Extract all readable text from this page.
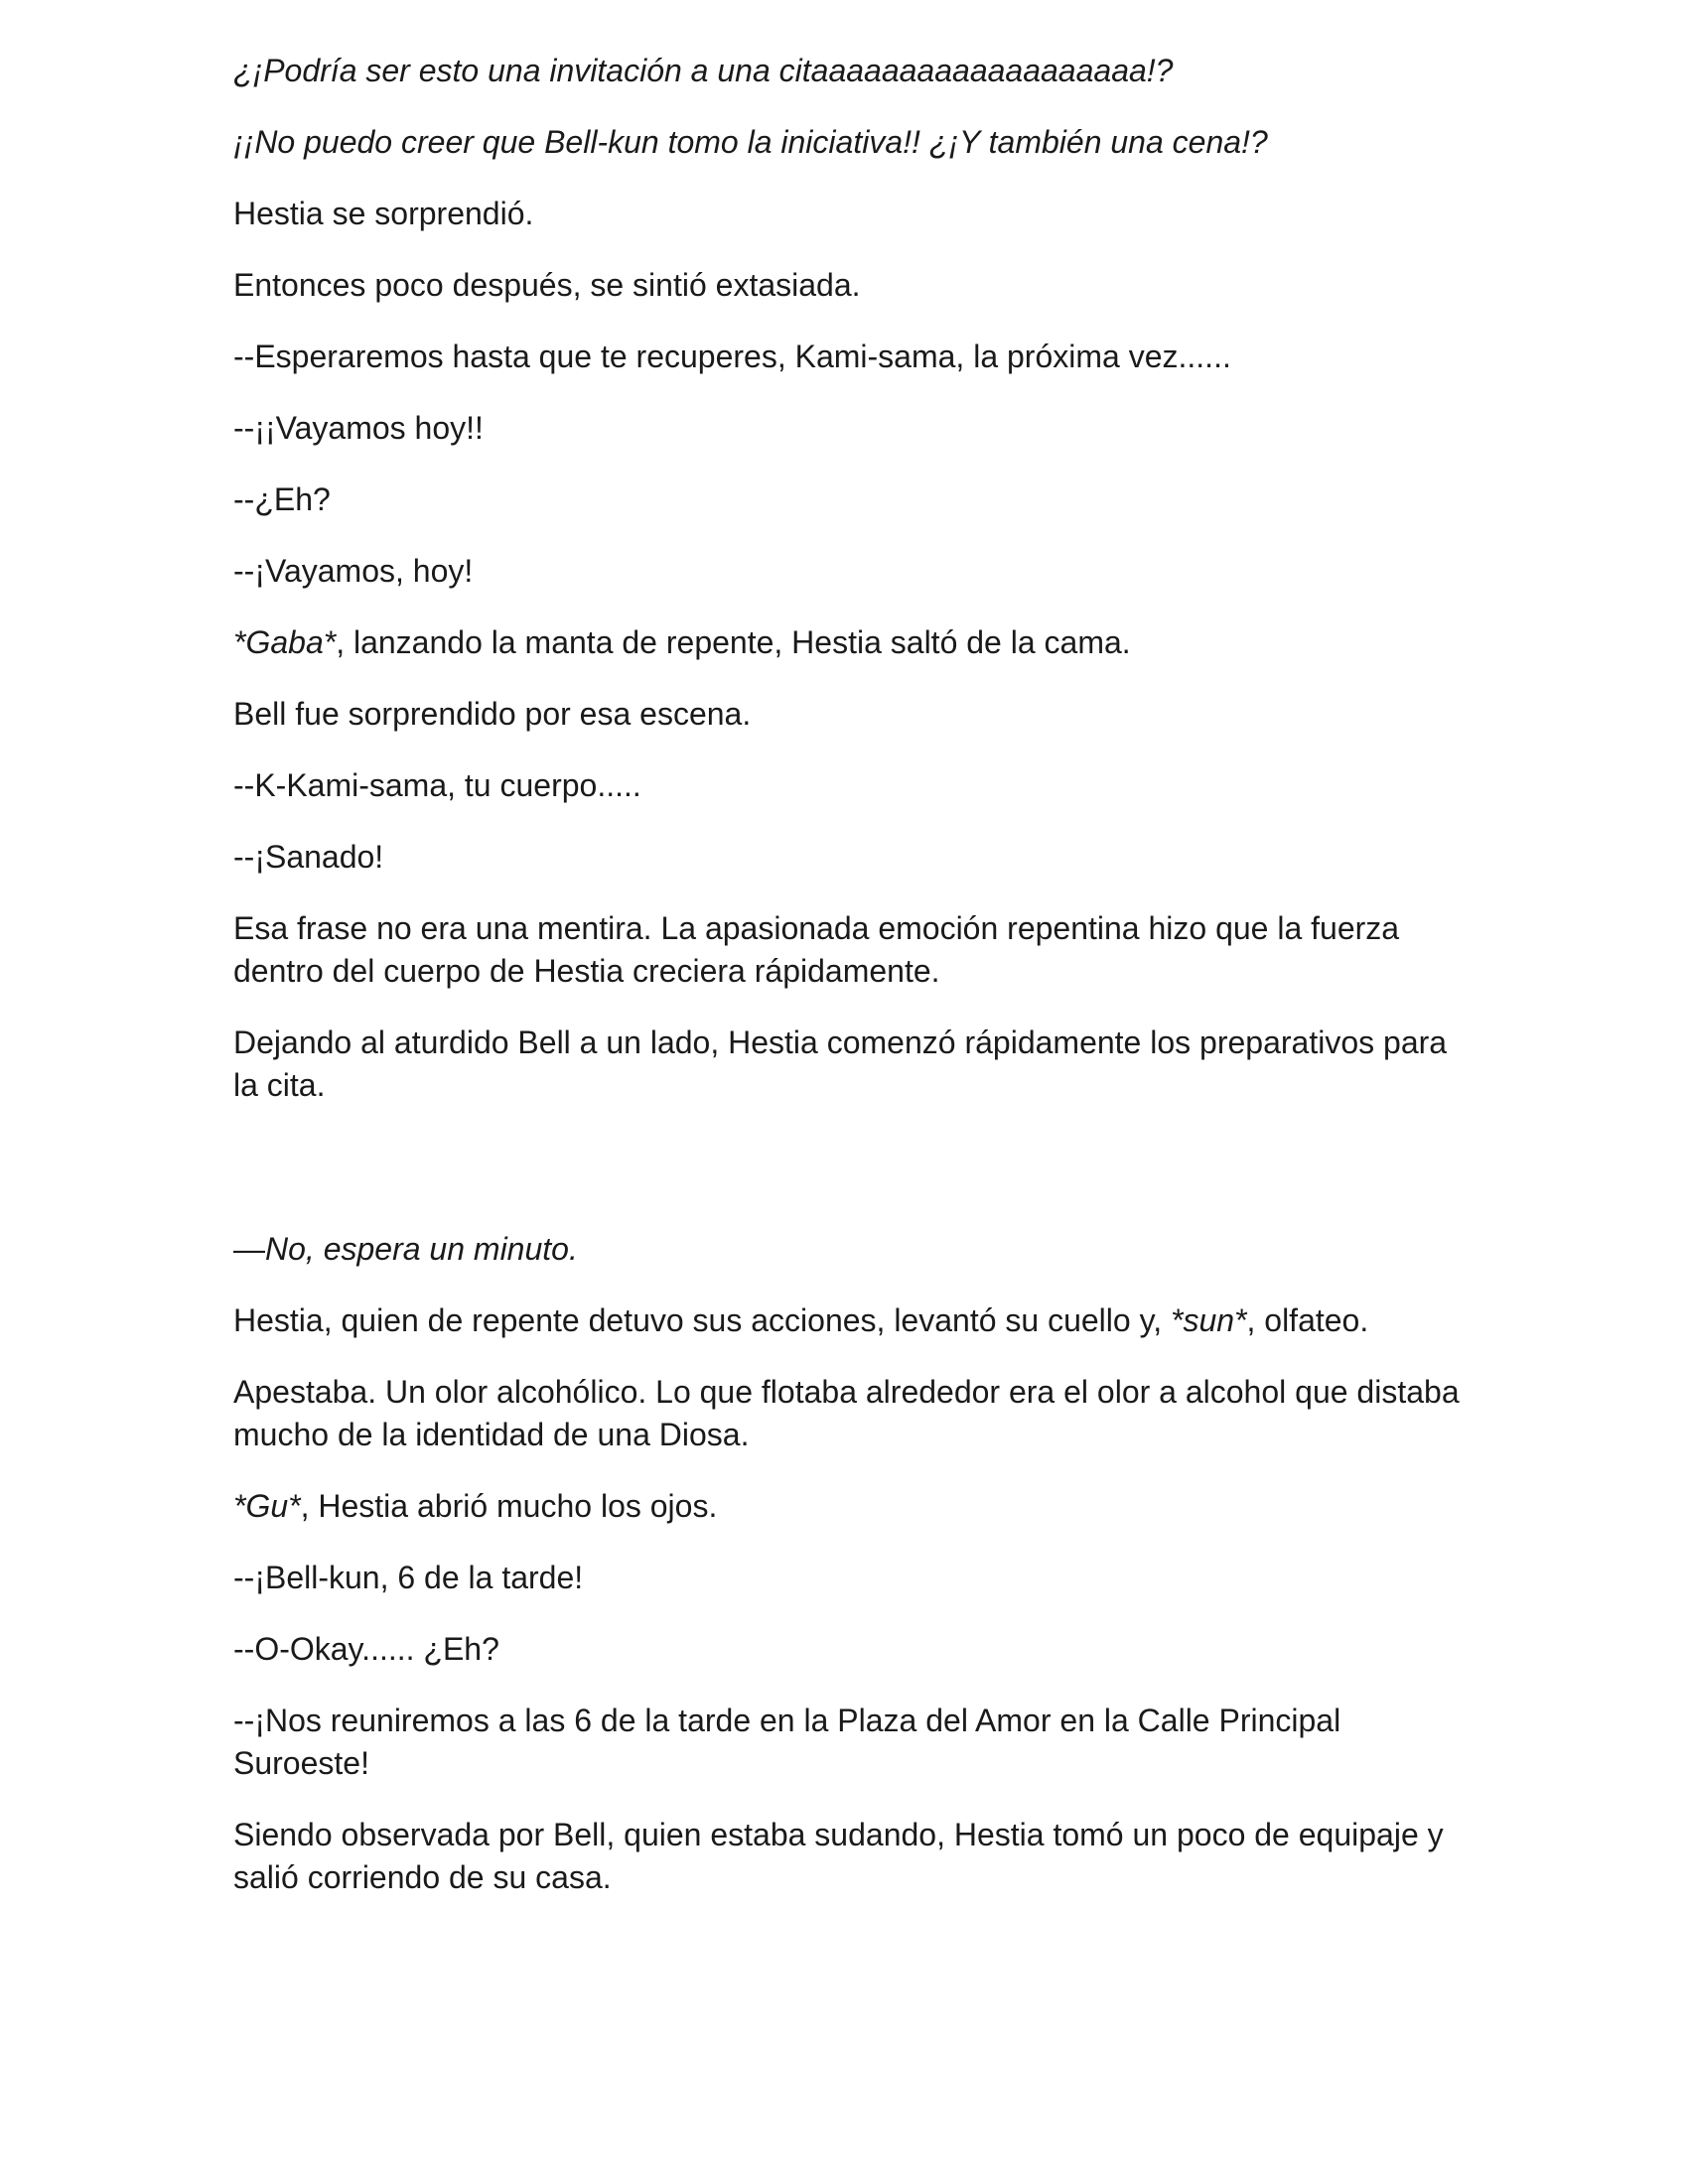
¿¡Podría ser esto una invitación a una citaaaaaaaaaaaaaaaaaaa!?

¡¡No puedo creer que Bell-kun tomo la iniciativa!! ¿¡Y también una cena!?

Hestia se sorprendió.

Entonces poco después, se sintió extasiada.

--Esperaremos hasta que te recuperes, Kami-sama, la próxima vez......

--¡¡Vayamos hoy!!

--¿Eh?

--¡Vayamos, hoy!

*Gaba*, lanzando la manta de repente, Hestia saltó de la cama.

Bell fue sorprendido por esa escena.

--K-Kami-sama, tu cuerpo.....

--¡Sanado!

Esa frase no era una mentira. La apasionada emoción repentina hizo que la fuerza dentro del cuerpo de Hestia creciera rápidamente.

Dejando al aturdido Bell a un lado, Hestia comenzó rápidamente los preparativos para la cita.

—No, espera un minuto.

Hestia, quien de repente detuvo sus acciones, levantó su cuello y, *sun*, olfateo.

Apestaba. Un olor alcohólico. Lo que flotaba alrededor era el olor a alcohol que distaba mucho de la identidad de una Diosa.

*Gu*, Hestia abrió mucho los ojos.

--¡Bell-kun, 6 de la tarde!

--O-Okay...... ¿Eh?

--¡Nos reuniremos a las 6 de la tarde en la Plaza del Amor en la Calle Principal Suroeste!

Siendo observada por Bell, quien estaba sudando, Hestia tomó un poco de equipaje y salió corriendo de su casa.
